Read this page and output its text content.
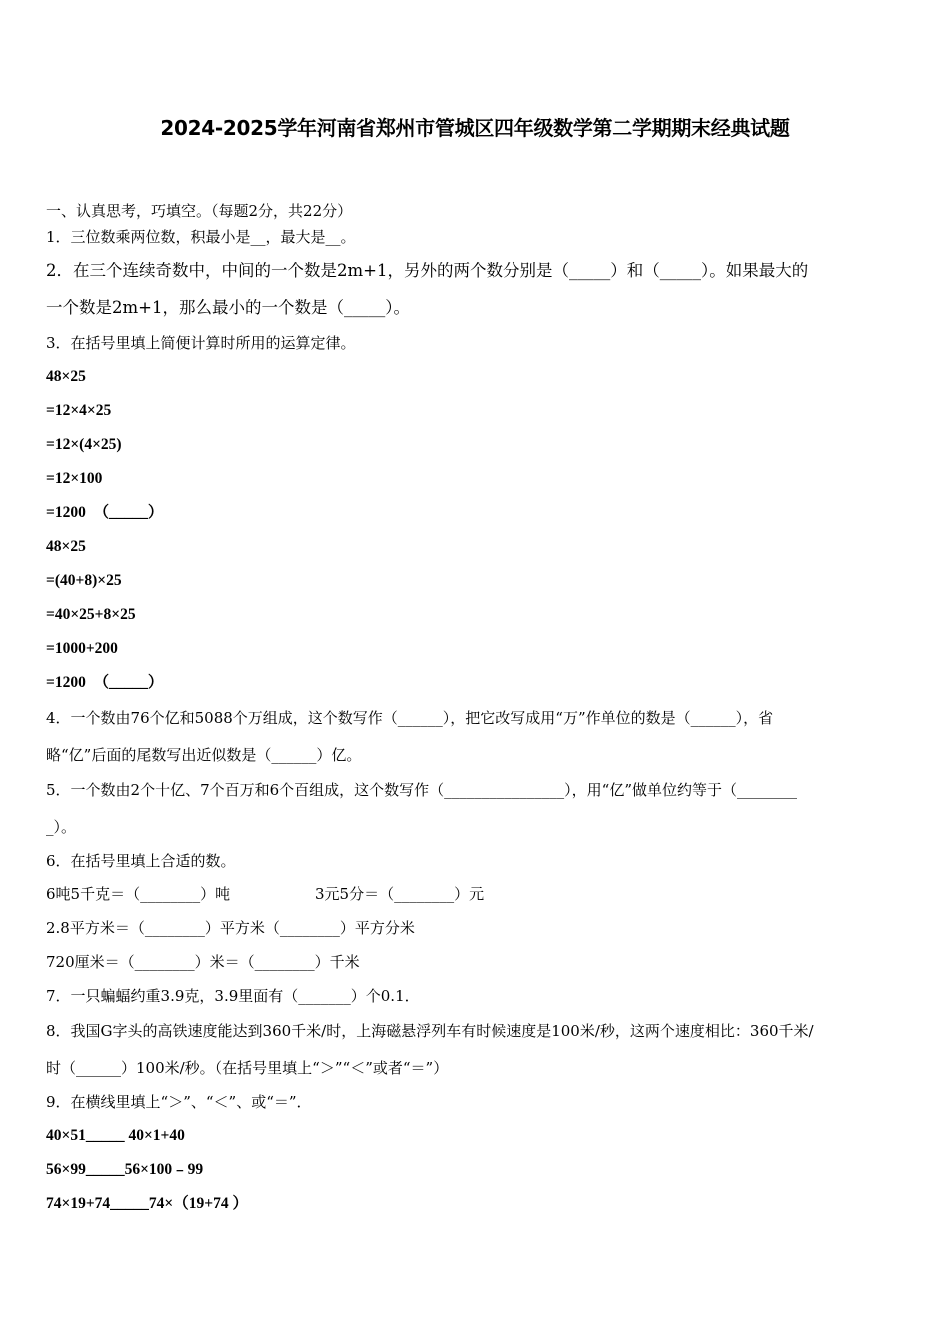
2024-2025学年河南省郑州市管城区四年级数学第二学期期末经典试题
一、认真思考，巧填空。（每题2分，共22分）
1．三位数乘两位数，积最小是__，最大是__。
2．在三个连续奇数中，中间的一个数是2m+1，另外的两个数分别是（_____）和（_____）。如果最大的
一个数是2m+1，那么最小的一个数是（_____）。
3．在括号里填上简便计算时所用的运算定律。
48×25
=12×4×25
=12×(4×25)
=12×100
=1200　（_____）
48×25
=(40+8)×25
=40×25+8×25
=1000+200
=1200　（_____）
4．一个数由76个亿和5088个万组成，这个数写作（______），把它改写成用“万”作单位的数是（______），省
略“亿”后面的尾数写出近似数是（______）亿。
5．一个数由2个十亿、7个百万和6个百组成，这个数写作（________________），用“亿”做单位约等于（________
_）。
6．在括号里填上合适的数。
6吨5千克＝（________）吨	3元5分＝（________）元
2.8平方米＝（________）平方米（________）平方分米
720厘米＝（________）米＝（________）千米
7．一只蝙蝠约重3.9克，3.9里面有（_______）个0.1．
8．我国G字头的高铁速度能达到360千米/时，上海磁悬浮列车有时候速度是100米/秒，这两个速度相比：360千米/
时（______）100米/秒。（在括号里填上“＞”“＜”或者“＝”）
9．在横线里填上“＞”、“＜”、或“＝”．
40×51_____ 40×1+40
56×99_____56×100﹣99
74×19+74_____74×（19+74 ）
